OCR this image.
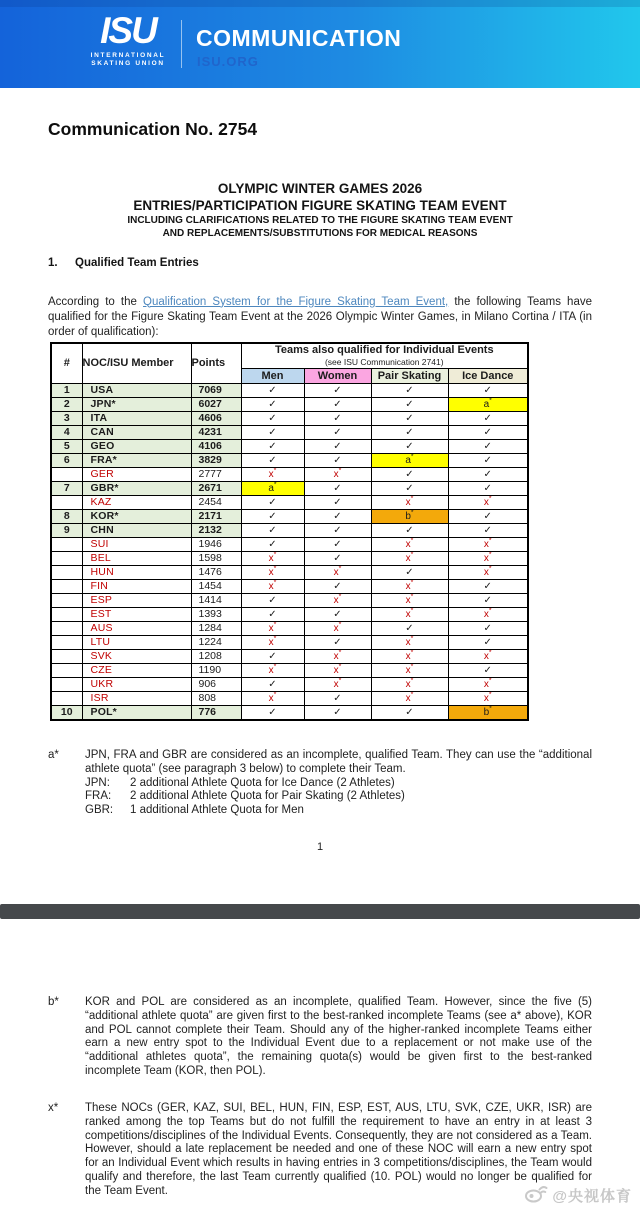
ISU
INTERNATIONAL
SKATING UNION
COMMUNICATION
ISU.ORG
Communication No. 2754
OLYMPIC WINTER GAMES 2026
ENTRIES/PARTICIPATION FIGURE SKATING TEAM EVENT
INCLUDING CLARIFICATIONS RELATED TO THE FIGURE SKATING TEAM EVENT
AND REPLACEMENTS/SUBSTITUTIONS FOR MEDICAL REASONS
1. Qualified Team Entries

According to the Qualification System for the Figure Skating Team Event, the following Teams have qualified for the Figure Skating Team Event at the 2026 Olympic Winter Games, in Milano Cortina / ITA (in order of qualification):

#	NOC/ISU Member	Points	Teams also qualified for Individual Events
(see ISU Communication 2741)			

			Men	Women	Pair Skating	Ice Dance
1	USA	7069	✓	✓	✓	✓
2	JPN*	6027	✓	✓	✓	a*
3	ITA	4606	✓	✓	✓	✓
4	CAN	4231	✓	✓	✓	✓
5	GEO	4106	✓	✓	✓	✓
6	FRA*	3829	✓	✓	a*	✓
	GER	2777	x*	x*	✓	✓
7	GBR*	2671	a*	✓	✓	✓
	KAZ	2454	✓	✓	x*	x*
8	KOR*	2171	✓	✓	b*	✓
9	CHN	2132	✓	✓	✓	✓
	SUI	1946	✓	✓	x*	x*
	BEL	1598	x*	✓	x*	x*
	HUN	1476	x*	x*	✓	x*
	FIN	1454	x*	✓	x*	✓
	ESP	1414	✓	x*	x*	✓
	EST	1393	✓	✓	x*	x*
	AUS	1284	x*	x*	✓	✓
	LTU	1224	x*	✓	x*	✓
	SVK	1208	✓	x*	x*	x*
	CZE	1190	x*	x*	x*	✓
	UKR	906	✓	x*	x*	x*
	ISR	808	x*	✓	x*	x*
10	POL*	776	✓	✓	✓	b*
a*	JPN, FRA and GBR are considered as an incomplete, qualified Team. They can use the “additional athlete quota” (see paragraph 3 below) to complete their Team.
JPN:	2 additional Athlete Quota for Ice Dance (2 Athletes)
FRA:	2 additional Athlete Quota for Pair Skating (2 Athletes)
GBR:	1 additional Athlete Quota for Men
1
b*	KOR and POL are considered as an incomplete, qualified Team. However, since the five (5) “additional athlete quota” are given first to the best-ranked incomplete Teams (see a* above), KOR and POL cannot complete their Team. Should any of the higher-ranked incomplete Teams either earn a new entry spot to the Individual Event due to a replacement or not make use of the “additional athletes quota”, the remaining quota(s) would be given first to the best-ranked incomplete Team (KOR, then POL).
x*	These NOCs (GER, KAZ, SUI, BEL, HUN, FIN, ESP, EST, AUS, LTU, SVK, CZE, UKR, ISR) are ranked among the top Teams but do not fulfill the requirement to have an entry in at least 3 competitions/disciplines of the Individual Events. Consequently, they are not considered as a Team. However, should a late replacement be needed and one of these NOC will earn a new entry spot for an Individual Event which results in having entries in 3 competitions/disciplines, the Team would qualify and therefore, the last Team currently qualified (10. POL) would no longer be qualified for the Team Event.	@央视体育
